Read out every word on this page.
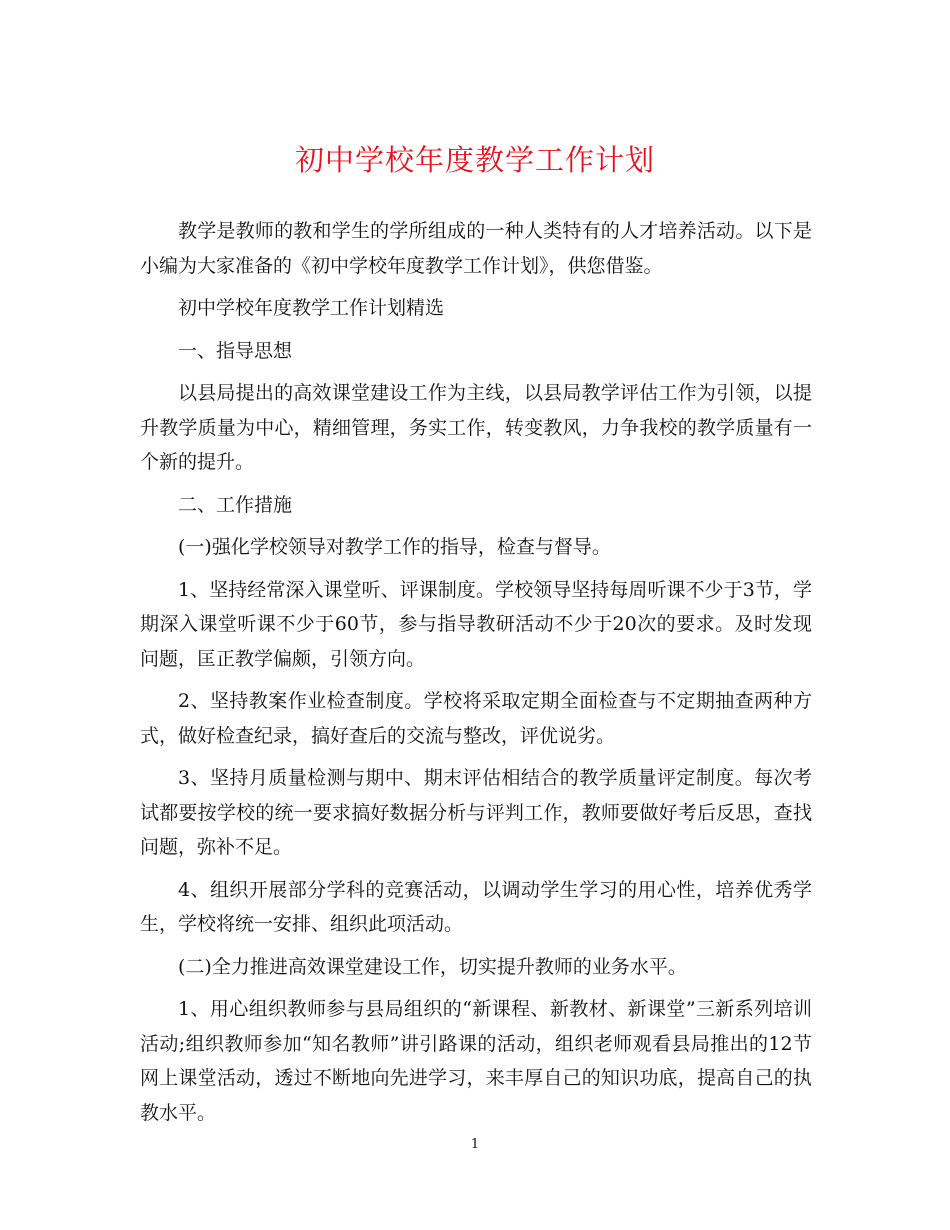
初中学校年度教学工作计划

教学是教师的教和学生的学所组成的一种人类特有的人才培养活动。以下是小编为大家准备的《初中学校年度教学工作计划》，供您借鉴。

初中学校年度教学工作计划精选

一、指导思想

以县局提出的高效课堂建设工作为主线，以县局教学评估工作为引领，以提升教学质量为中心，精细管理，务实工作，转变教风，力争我校的教学质量有一个新的提升。

二、工作措施

(一)强化学校领导对教学工作的指导，检查与督导。

1、坚持经常深入课堂听、评课制度。学校领导坚持每周听课不少于3节，学期深入课堂听课不少于60节，参与指导教研活动不少于20次的要求。及时发现问题，匡正教学偏颇，引领方向。

2、坚持教案作业检查制度。学校将采取定期全面检查与不定期抽查两种方式，做好检查纪录，搞好查后的交流与整改，评优说劣。

3、坚持月质量检测与期中、期末评估相结合的教学质量评定制度。每次考试都要按学校的统一要求搞好数据分析与评判工作，教师要做好考后反思，查找问题，弥补不足。

4、组织开展部分学科的竞赛活动，以调动学生学习的用心性，培养优秀学生，学校将统一安排、组织此项活动。

(二)全力推进高效课堂建设工作，切实提升教师的业务水平。

1、用心组织教师参与县局组织的“新课程、新教材、新课堂”三新系列培训活动;组织教师参加“知名教师”讲引路课的活动，组织老师观看县局推出的12节网上课堂活动，透过不断地向先进学习，来丰厚自己的知识功底，提高自己的执教水平。

1
